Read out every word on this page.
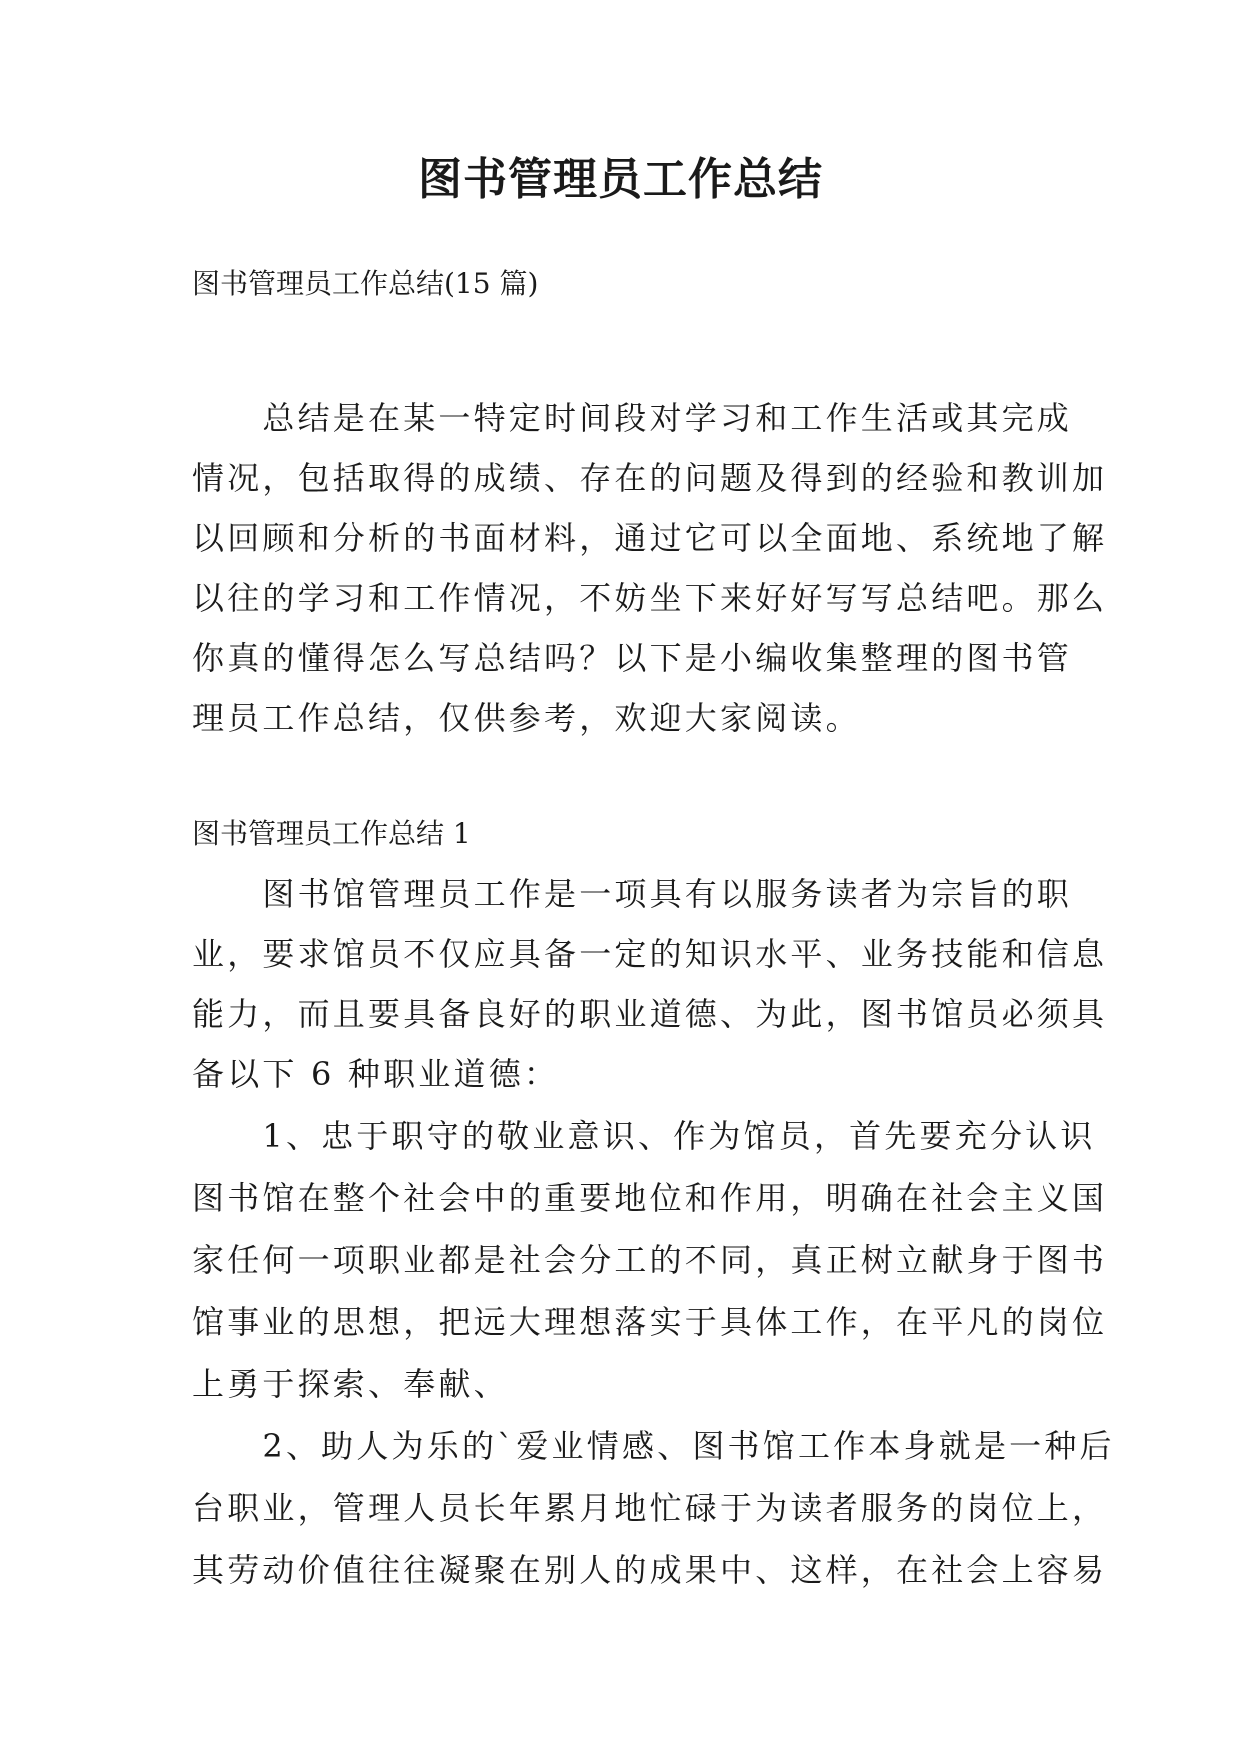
图书管理员工作总结

图书管理员工作总结(15 篇)

　　总结是在某一特定时间段对学习和工作生活或其完成

情况，包括取得的成绩、存在的问题及得到的经验和教训加

以回顾和分析的书面材料，通过它可以全面地、系统地了解

以往的学习和工作情况，不妨坐下来好好写写总结吧。那么

你真的懂得怎么写总结吗？以下是小编收集整理的图书管

理员工作总结，仅供参考，欢迎大家阅读。

图书管理员工作总结 1

　　图书馆管理员工作是一项具有以服务读者为宗旨的职

业，要求馆员不仅应具备一定的知识水平、业务技能和信息

能力，而且要具备良好的职业道德、为此，图书馆员必须具

备以下 6 种职业道德：

　　1、忠于职守的敬业意识、作为馆员，首先要充分认识

图书馆在整个社会中的重要地位和作用，明确在社会主义国

家任何一项职业都是社会分工的不同，真正树立献身于图书

馆事业的思想，把远大理想落实于具体工作，在平凡的岗位

上勇于探索、奉献、

　　2、助人为乐的`爱业情感、图书馆工作本身就是一种后

台职业，管理人员长年累月地忙碌于为读者服务的岗位上，

其劳动价值往往凝聚在别人的成果中、这样，在社会上容易
